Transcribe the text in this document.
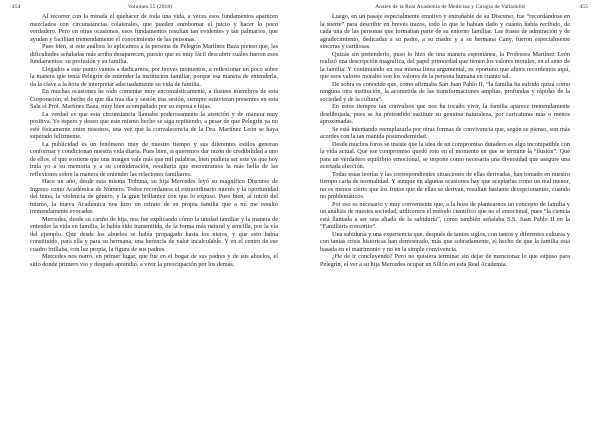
454	Volumen 55 (2018)

Al recorrer con la mirada el quehacer de toda una vida, a veces esos fundamentos aparecen mezclados con circunstancias colaterales, que pueden enmbornar el juicio y hacer lo poco verdadero. Pero en otras ocasiones, esos fundamentos resultan tan evidentes y tan palmarios, que ayudan y facilitan tremendamente el conocimiento de las personas.

Pues bien, si este análisis lo aplicamos a la persona de Pelegrín Martínez Baza pienso que, las dificultades señaladas más arriba desaparecen, puesto que es muy fácil descubrir cuáles fueron esos fundamentos: su profesión y su familia.

Llegados a este punto vamos a dedicarnos, por breves momentos, a reflexionar un poco sobre la manera que tenía Pelegrín de entender la institución familiar, porque esa manera de entenderla, da la clave a la hora de interpretar adecuadamente su vida de familia.

En muchas ocasiones he oído comentar muy encomiásticamente, a ilustres miembros de esta Corporación, el hecho de que día tras día y sesión tras sesión, siempre estuvieran presentes en esta Sala el Prof. Martínez Baza, muy bien acompañado por su esposa e hijas.

La verdad es que esta circunstancia llamaba poderosamente la atención y de manera muy positiva. Yo espero y deseo que este mismo hecho se siga repitiendo, a pesar de que Pelegrín ya no esté físicamente entre nosotros, una vez que la convalecencia de la Dra. Martínez León se haya superado felizmente.

La publicidad es un fenómeno muy de nuestro tiempo y sus diferentes estilos generan conformar y condicionan nuestra vida diaria. Pues bien, si queremos dar razón de credibilidad a uno de ellos, el que sostiene que una imagen vale más que mil palabras, bien pudiera ser este ya que hoy traía yo a su memoria y a su consideración, resultaría que encontramos la más bella de las reflexiones sobre la manera de entender las relaciones familiares.

Hace un año, desde esta misma Tribuna, su hija Mercedes leyó su magnífico Discurso de Ingreso como Académica de Número. Todos recordamos el extraordinario interés y la oportunidad del tema, la violencia de género, y la gran brillantez con que lo expuso. Pues bien, al inicio del mismo, la nueva Académica nos hizo un retrato de su propia familia que a mí me resultó tremendamente evocador.

Mercedes, desde su cariño de hija, nos fue explicando cómo la unidad familiar y la manera de entender la vida en familia, le había sido transmitida, de la forma más natural y sencilla, por la vía del ejemplo. Que desde los abuelos se había propagado hasta los nietos, y que esto había constituido, para ella y para su hermana, una herencia de valor incalculable. Y en el centro de ese cuadro brillaba, con luz propia, la figura de sus padres.

Mercedes nos narró, en primer lugar, que fue en el hogar de sus padres y de sus abuelos, el sitio donde primero vio y después aprendió, a vivir la preocupación por los demás.

Anales de la Real Academia de Medicina y Cirugía de Valladolid	455

Luego, en un pasaje especialmente emotivo y entrañable de su Discurso, fue “recordándose en la suerte” para describir en breves trazos, todo lo que le habían dado y cuánto había recibido, de cada una de las personas que formaban parte de su entorno familiar. Las frases de admiración y de agradecimiento, dedicadas a su padre, a su madre y a su hermana Cany, fueron especialmente sinceras y cariñosas.

Quizás sin pretenderlo, puso lo hizo de una manera espontánea, la Profesora Martínez León realizó una descripción magnífica, del papel primordial que tienen los valores morales, en el seno de la familia. Y continuando en esa misma línea argumental, es oportuno que ahora recordemos aquí, que esos valores morales son los valores de la persona humana en cuanto tal.

De sobra es conocido que, como afirmaba San Juan Pablo II, “la familia ha sufrido quizá como ninguna otra institución, la acometida de las transformaciones amplias, profundas y rápidas de la sociedad y de la cultura”.

En estos tiempos tan convulsos que nos ha tocado vivir, la familia aparece tremendamente desdibujada, pues se ha pretendido sustituir su genuina naturaleza, por caricaturas más o menos aproximadas.

Se está intentando reemplazarla por otras formas de convivencia que, según se pienso, son más acordes con la tan manida postmodernidad.

Desde muchos foros se insiste que la idea de un compromiso duradero es algo incompatible con la vida actual. Qué ese compromiso quedó roto en el momento en que se termine la “ilusión”. Qué para un verdadero equilibrio emocional, se impone como necesaria una diversidad que asegure una acertada elección.

Todas estas teorías y las correspondientes situaciones de ellas derivadas, han tomado en nuestro tiempo carta de normalidad. Y aunque en algunas ocasiones hay que aceptarlas como un mal menor, no es menos cierto que los frutos que de ellas se derivan, resultan bastante decepcionantes, cuando no problemáticos.

Por eso es necesario y muy conveniente que, a la hora de plantearnos un concepto de familia y un análisis de nuestra sociedad, utilicemos el método científico que no el emocional, pues “la ciencia está llamada a ser una aliada de la sabiduría”, como también señalaba S.S. Juan Pablo II en la “Familiaris consortio”.

Una sabiduría y una experiencia que, después de tantos siglos, con tantos y diferentes culturas y con tantas crisis históricas han demostrado, más que sobradamente, el hecho de que la familia está basada en el matrimonio y no en la simple convivencia.

¿He de ir concluyendo? Pero no quisiera terminar sin dejar de mencionar lo que supuso para Pelegrín, el ver a su hija Mercedes ocupar un Sillón en esta Real Academia.
